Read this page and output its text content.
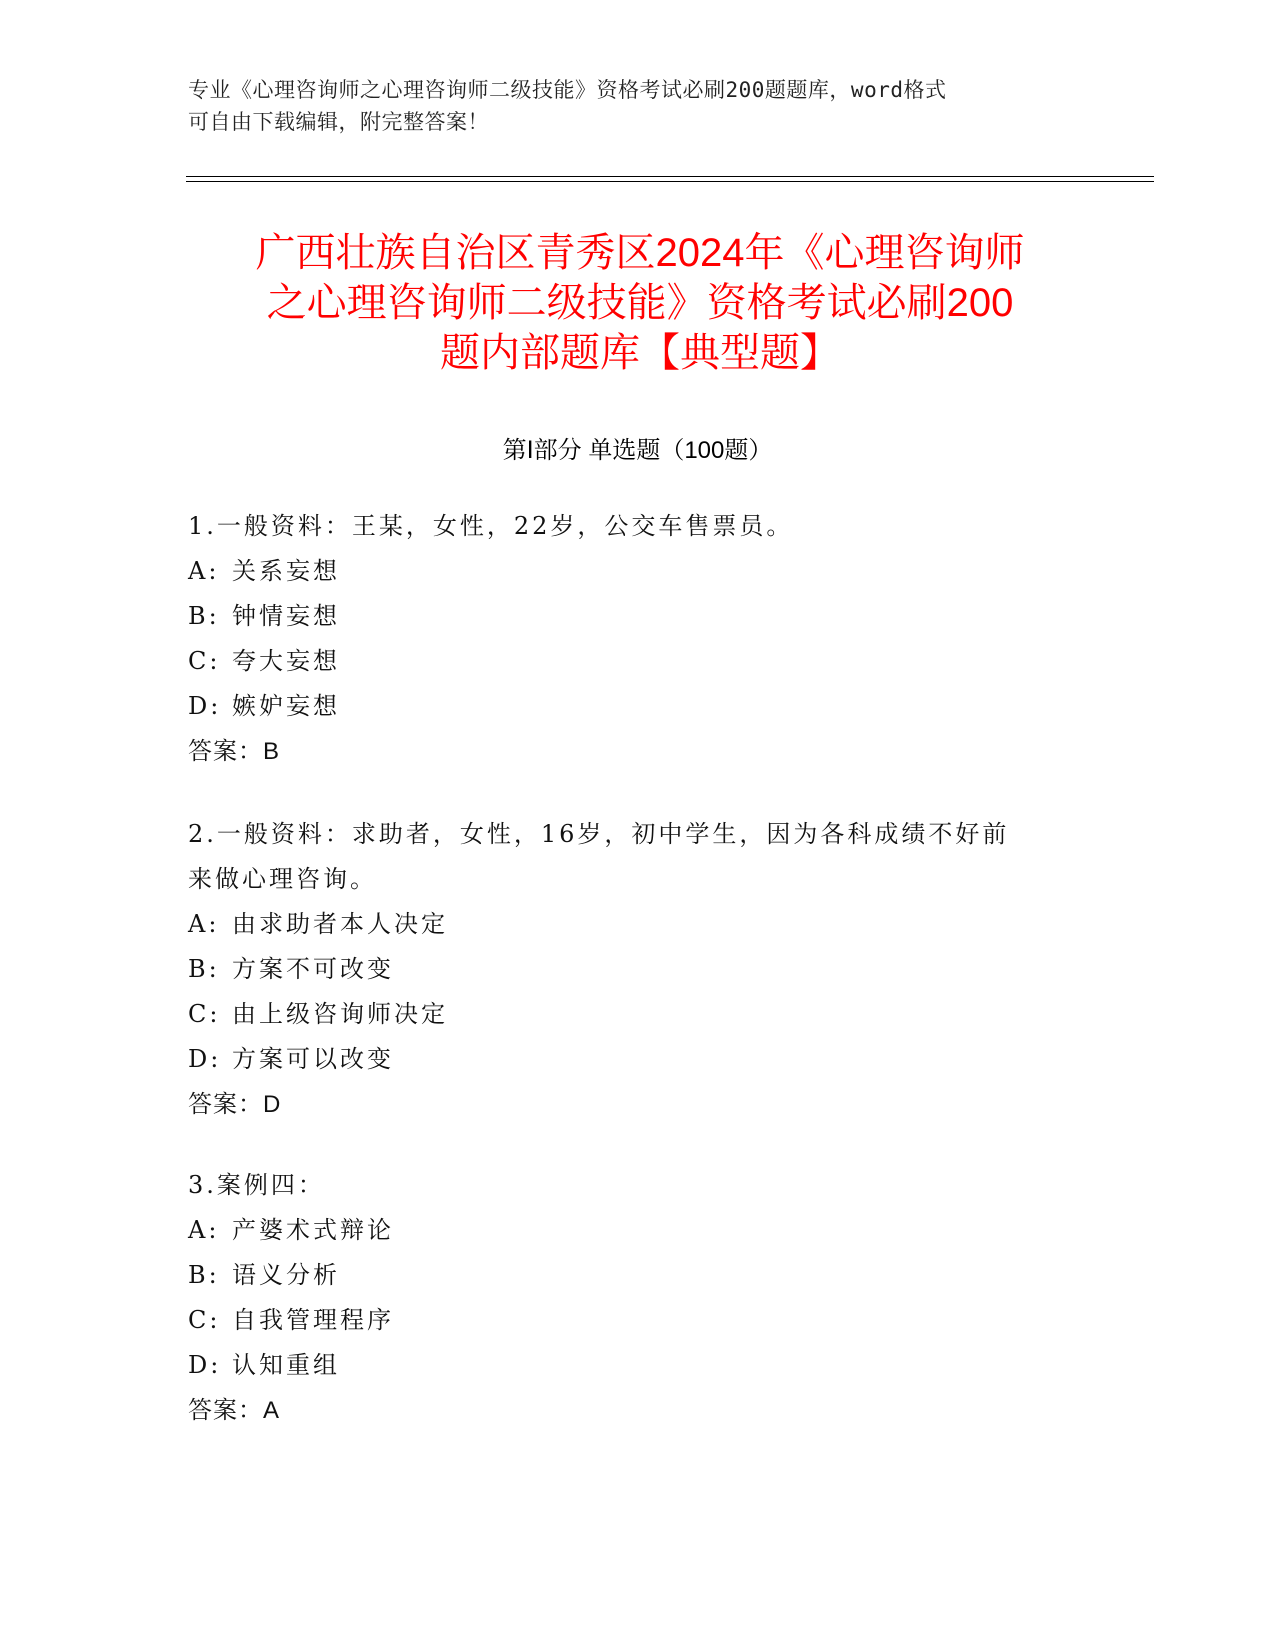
专业《心理咨询师之心理咨询师二级技能》资格考试必刷200题题库，word格式
可自由下载编辑，附完整答案！
广西壮族自治区青秀区2024年《心理咨询师
之心理咨询师二级技能》资格考试必刷200
题内部题库【典型题】
第Ⅰ部分 单选题（100题）

1.一般资料：王某，女性，22岁，公交车售票员。

A: 关系妄想

B: 钟情妄想

C: 夸大妄想

D: 嫉妒妄想

答案：B

2.一般资料：求助者，女性，16岁，初中学生，因为各科成绩不好前

来做心理咨询。

A: 由求助者本人决定

B: 方案不可改变

C: 由上级咨询师决定

D: 方案可以改变

答案：D

3.案例四：

A: 产婆术式辩论

B: 语义分析

C: 自我管理程序

D: 认知重组

答案：A
